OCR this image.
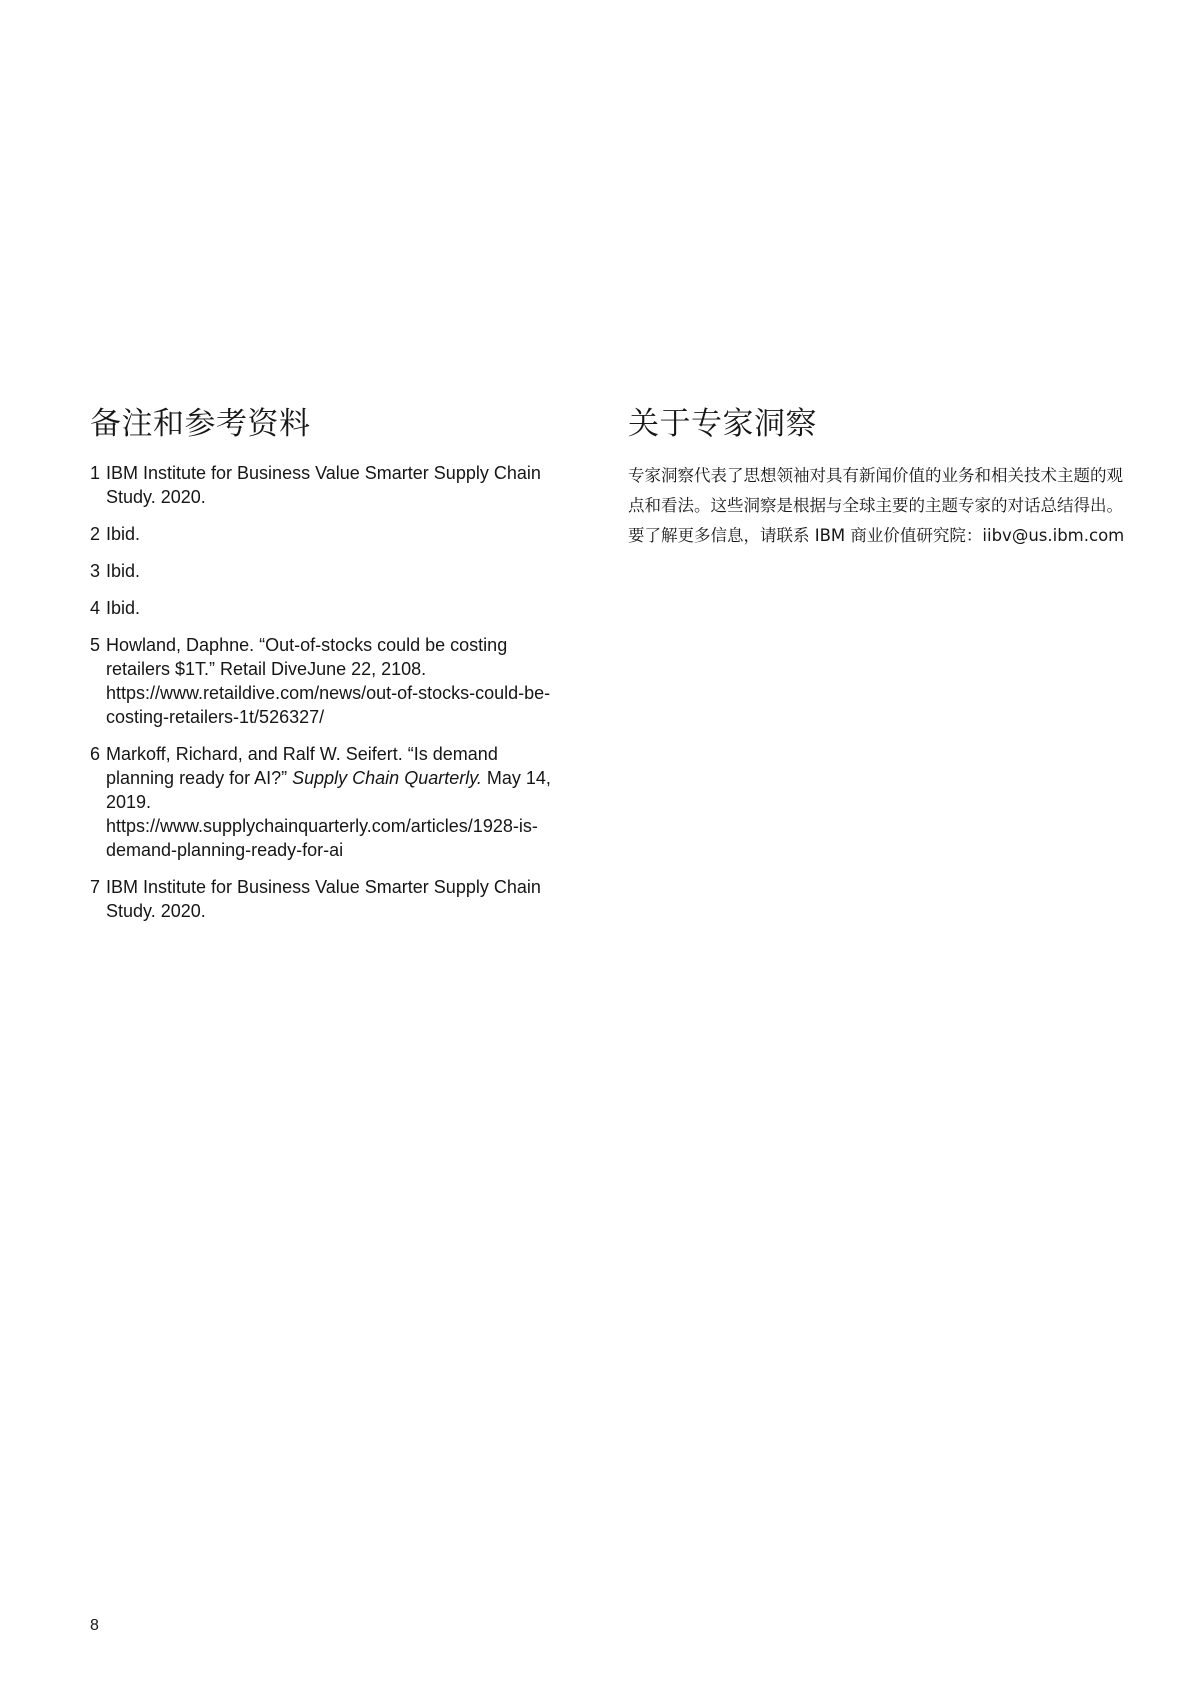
备注和参考资料
1 IBM Institute for Business Value Smarter Supply Chain Study. 2020.
2 Ibid.
3 Ibid.
4 Ibid.
5 Howland, Daphne. “Out-of-stocks could be costing retailers $1T.” Retail DiveJune 22, 2108. https://www.retaildive.com/news/out-of-stocks-could-be-costing-retailers-1t/526327/
6 Markoff, Richard, and Ralf W. Seifert. “Is demand planning ready for AI?” Supply Chain Quarterly. May 14, 2019. https://www.supplychainquarterly.com/articles/1928-is-demand-planning-ready-for-ai
7 IBM Institute for Business Value Smarter Supply Chain Study. 2020.
关于专家洞察

专家洞察代表了思想领袖对具有新闻价值的业务和相关技术主题的观点和看法。这些洞察是根据与全球主要的主题专家的对话总结得出。要了解更多信息，请联系 IBM 商业价值研究院：iibv@us.ibm.com

8
